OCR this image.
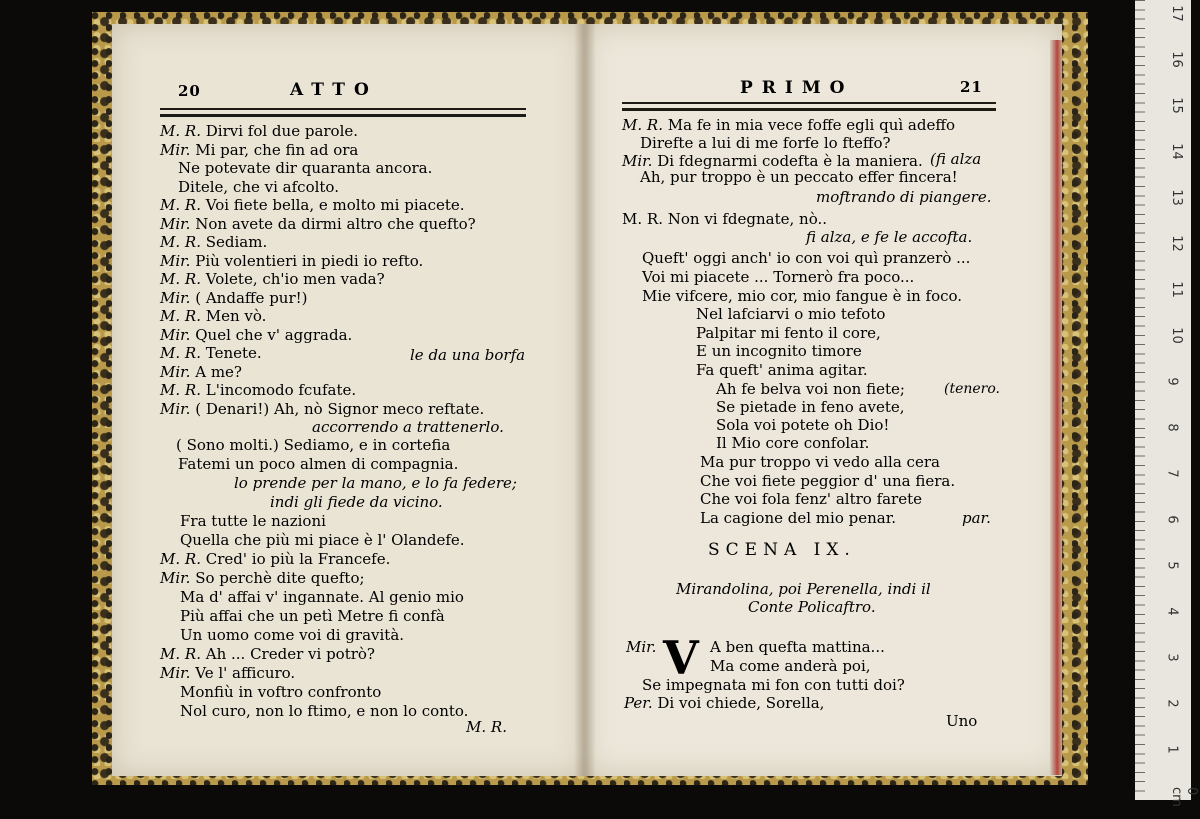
20	ATTO
M. R. Dirvi fol due parole.
Mir. Mi par, che fin ad ora
Ne potevate dir quaranta ancora.
Ditele, che vi afcolto.
M. R. Voi fiete bella, e molto mi piacete.
Mir. Non avete da dirmi altro che quefto?
M. R. Sediam.
Mir. Più volentieri in piedi io refto.
M. R. Volete, ch'io men vada?
Mir. ( Andaffe pur!)
M. R. Men vò.
Mir. Quel che v' aggrada.
M. R. Tenete.
Mir. A me?
M. R. L'incomodo fcufate.
Mir. ( Denari!) Ah, nò Signor meco reftate.
le da una borfa
accorrendo a trattenerlo.
( Sono molti.) Sediamo, e in cortefia
Fatemi un poco almen di compagnia.
lo prende per la mano, e lo fa federe;
indi gli fiede da vicino.
Fra tutte le nazioni
Quella che più mi piace è l' Olandefe.
M. R. Cred' io più la Francefe.
Mir. So perchè dite quefto;
Ma d' affai v' ingannate. Al genio mio
Più affai che un petì Metre fi confà
Un uomo come voi di gravità.
M. R. Ah ... Creder vi potrò?
Mir. Ve l' afficuro.
Monfiù in voftro confronto
Nol curo, non lo ftimo, e non lo conto.
M. R.
PRIMO	21
M. R. Ma fe in mia vece foffe egli quì adeffo
Direfte a lui di me forfe lo fteffo?
Mir. Di fdegnarmi codefta è la maniera. (fi alza
Ah, pur troppo è un peccato effer fincera!
moftrando di piangere.
M. R. Non vi fdegnate, nò..
fi alza, e fe le accofta.
Queft' oggi anch' io con voi quì pranzerò ...
Voi mi piacete ... Tornerò fra poco...
Mie vifcere, mio cor, mio fangue è in foco.
Nel lafciarvi o mio tefoto
Palpitar mi fento il core,
E un incognito timore
Fa queft' anima agitar.
Ah fe belva voi non fiete;	(tenero.
Se pietade in feno avete,
Sola voi potete oh Dio!
Il Mio core confolar.
Ma pur troppo vi vedo alla cera
Che voi fiete peggior d' una fiera.
Che voi fola fenz' altro farete
La cagione del mio penar.	par.
SCENA IX.
Mirandolina, poi Perenella, indi il
Conte Policaftro.
Mir. V A ben quefta mattina...
Ma come anderà poi,
Se impegnata mi fon con tutti doi?
Per. Di voi chiede, Sorella,
Uno
17
16
15
14
13
12
11
10
9
8
7
6
5
4
3
2
1
0 cm
